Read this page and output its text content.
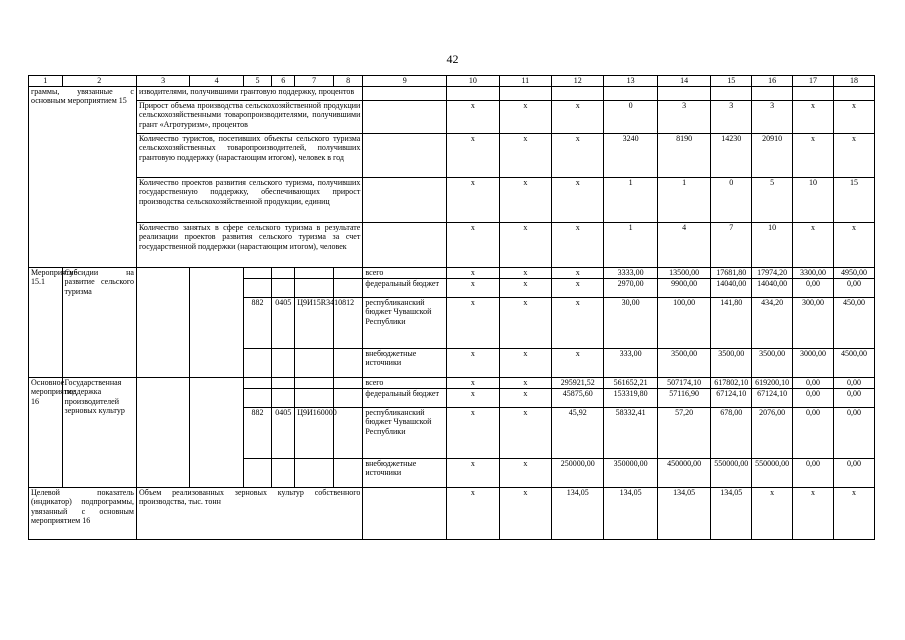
42
1	2	3	4	5	6	7	8	9	10	11	12	13	14	15	16	17	18
граммы, увязанные с основным мероприятием 15		изводителями, получившими грантовую поддержку, процентов															
		Прирост объема производства сельскохозяйственной продукции сельскохозяйственными товаропроизводителями, получившими грант «Агротуризм», процентов							x	x	x	0	3	3	3	x	x
		Количество туристов, посетивших объекты сельского туризма сельскохозяйственных товаропроизводителей, получивших грантовую поддержку (нарастающим итогом), человек в год							x	x	x	3240	8190	14230	20910	x	x
		Количество проектов развития сельского туризма, получивших государственную поддержку, обеспечивающих прирост производства сельскохозяйственной продукции, единиц							x	x	x	1	1	0	5	10	15
		Количество занятых в сфере сельского туризма в результате реализации проектов развития сельского туризма за счет государственной поддержки (нарастающим итогом), человек							x	x	x	1	4	7	10	x	x
Мероприятие 15.1	Субсидии на развитие сельского туризма							всего	x	x	x	3333,00	13500,00	17681,80	17974,20	3300,00	4950,00
								федеральный бюджет	x	x	x	2970,00	9900,00	14040,00	14040,00	0,00	0,00
				882	0405	Ц9И15R3410	812	республиканский бюджет Чувашской Республики	x	x	x	30,00	100,00	141,80	434,20	300,00	450,00
								внебюджетные источники	x	x	x	333,00	3500,00	3500,00	3500,00	3000,00	4500,00
Основное мероприятие 16	Государственная поддержка производителей зерновых культур							всего	x	x	295921,52	561652,21	507174,10	617802,10	619200,10	0,00	0,00
								федеральный бюджет	x	x	45875,60	153319,80	57116,90	67124,10	67124,10	0,00	0,00
				882	0405	Ц9И160000		республиканский бюджет Чувашской Республики	x	x	45,92	58332,41	57,20	678,00	2076,00	0,00	0,00
								внебюджетные источники	x	x	250000,00	350000,00	450000,00	550000,00	550000,00	0,00	0,00
Целевой показатель (индикатор) подпрограммы, увязанный с основным мероприятием 16		Объем реализованных зерновых культур собственного производства, тыс. тонн							x	x	134,05	134,05	134,05	134,05	x	x	x
